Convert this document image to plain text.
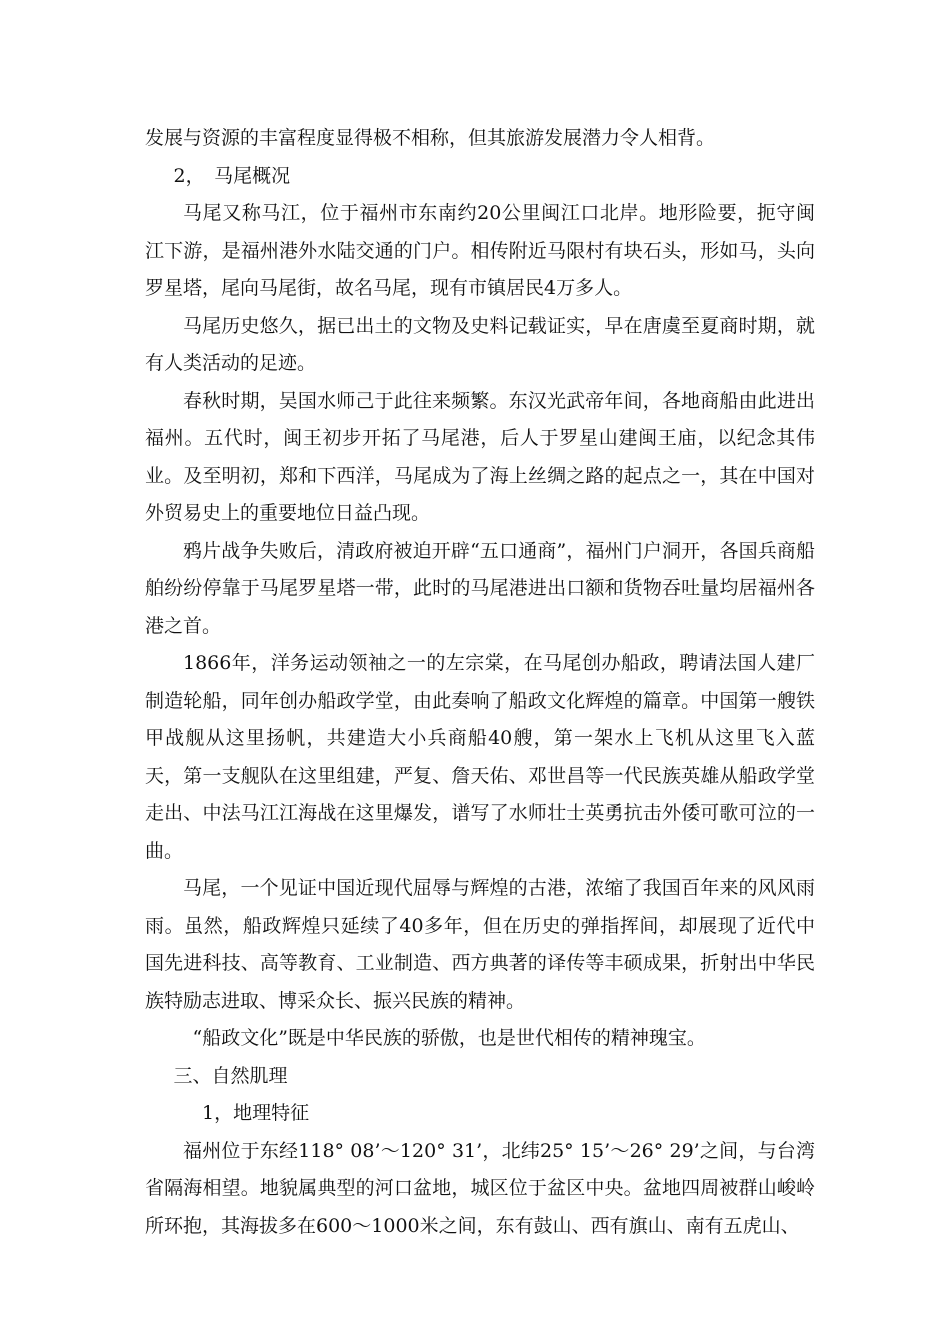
发展与资源的丰富程度显得极不相称，但其旅游发展潜力令人相背。

2，　马尾概况

马尾又称马江，位于福州市东南约20公里闽江口北岸。地形险要，扼守闽江下游，是福州港外水陆交通的门户。相传附近马限村有块石头，形如马，头向罗星塔，尾向马尾街，故名马尾，现有市镇居民4万多人。

马尾历史悠久，据已出土的文物及史料记载证实，早在唐虞至夏商时期，就有人类活动的足迹。

春秋时期，吴国水师己于此往来频繁。东汉光武帝年间，各地商船由此进出福州。五代时，闽王初步开拓了马尾港，后人于罗星山建闽王庙，以纪念其伟业。及至明初，郑和下西洋，马尾成为了海上丝绸之路的起点之一，其在中国对外贸易史上的重要地位日益凸现。

鸦片战争失败后，清政府被迫开辟“五口通商”，福州门户洞开，各国兵商船舶纷纷停靠于马尾罗星塔一带，此时的马尾港进出口额和货物吞吐量均居福州各港之首。

1866年，洋务运动领袖之一的左宗棠，在马尾创办船政，聘请法国人建厂制造轮船，同年创办船政学堂，由此奏响了船政文化辉煌的篇章。中国第一艘铁甲战舰从这里扬帆，共建造大小兵商船40艘，第一架水上飞机从这里飞入蓝天，第一支舰队在这里组建，严复、詹天佑、邓世昌等一代民族英雄从船政学堂走出、中法马江江海战在这里爆发，谱写了水师壮士英勇抗击外倭可歌可泣的一曲。

马尾，一个见证中国近现代屈辱与辉煌的古港，浓缩了我国百年来的风风雨雨。虽然，船政辉煌只延续了40多年，但在历史的弹指挥间，却展现了近代中国先进科技、高等教育、工业制造、西方典著的译传等丰硕成果，折射出中华民族特励志进取、博采众长、振兴民族的精神。

“船政文化”既是中华民族的骄傲，也是世代相传的精神瑰宝。

三、自然肌理

1，地理特征

福州位于东经118° 08’～120° 31’，北纬25° 15’～26° 29’之间，与台湾省隔海相望。地貌属典型的河口盆地，城区位于盆区中央。盆地四周被群山峻岭所环抱，其海拔多在600～1000米之间，东有鼓山、西有旗山、南有五虎山、
